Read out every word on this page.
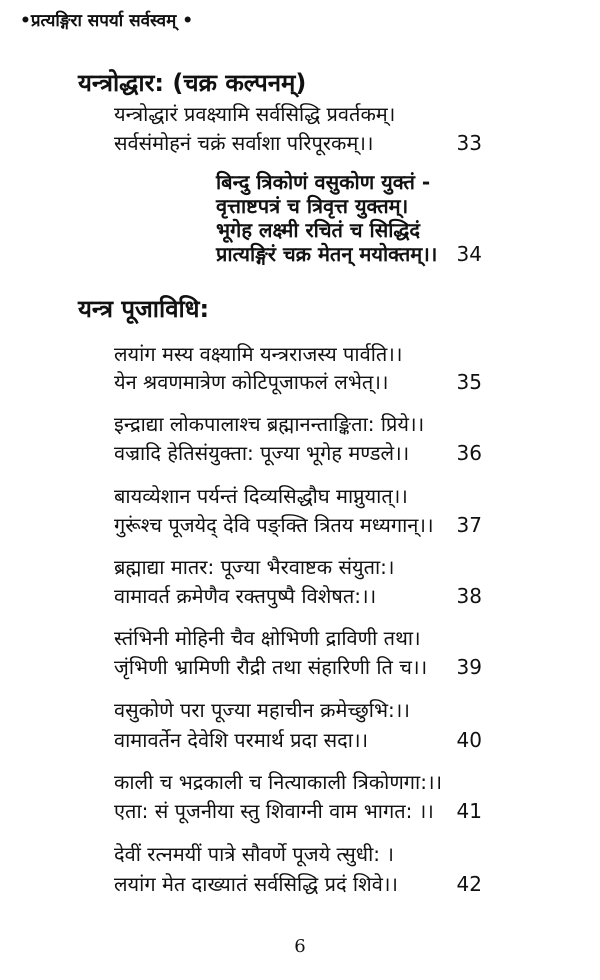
•प्रत्यङ्गिरा सपर्या सर्वस्वम् •
यन्त्रोद्धार: (चक्र कल्पनम्)
यन्त्रोद्धारं प्रवक्ष्यामि सर्वसिद्धि प्रवर्तकम्।
सर्वसंमोहनं चक्रं सर्वाशा परिपूरकम्।।	33
बिन्दु त्रिकोणं वसुकोण युक्तं -
वृत्ताष्टपत्रं च त्रिवृत्त युक्तम्।
भूगेह लक्ष्मी रचितं च सिद्धिदं
प्रात्यङ्गिरं चक्र मेतन् मयोक्तम्।। 34
यन्त्र पूजाविधि:
लयांग मस्य वक्ष्यामि यन्त्रराजस्य पार्वति।।
येन श्रवणमात्रेण कोटिपूजाफलं लभेत्।।	35
इन्द्राद्या लोकपालाश्च ब्रह्मानन्ताङ्किता: प्रिये।।
वज्रादि हेतिसंयुक्ता: पूज्या भूगेह मण्डले।। 36
बायव्येशान पर्यन्तं दिव्यसिद्धौघ माप्नुयात्।।
गुरूंश्च पूजयेद् देवि पङ्क्ति त्रितय मध्यगान्।। 37
ब्रह्माद्या मातर: पूज्या भैरवाष्टक संयुता:।
वामावर्त क्रमेणैव रक्तपुष्पै विशेषत:।।	38
स्तंभिनी मोहिनी चैव क्षोभिणी द्राविणी तथा।
जृंभिणी भ्रामिणी रौद्री तथा संहारिणी ति च।। 39
वसुकोणे परा पूज्या महाचीन क्रमेच्छुभि:।।
वामावर्तेन देवेशि परमार्थ प्रदा सदा।।	40
काली च भद्रकाली च नित्याकाली त्रिकोणगा:।।
एता: सं पूजनीया स्तु शिवाग्नी वाम भागत: ।। 41
देवीं रत्नमयीं पात्रे सौवर्णे पूजये त्सुधी: ।
लयांग मेत दाख्यातं सर्वसिद्धि प्रदं शिवे।।	42
6
